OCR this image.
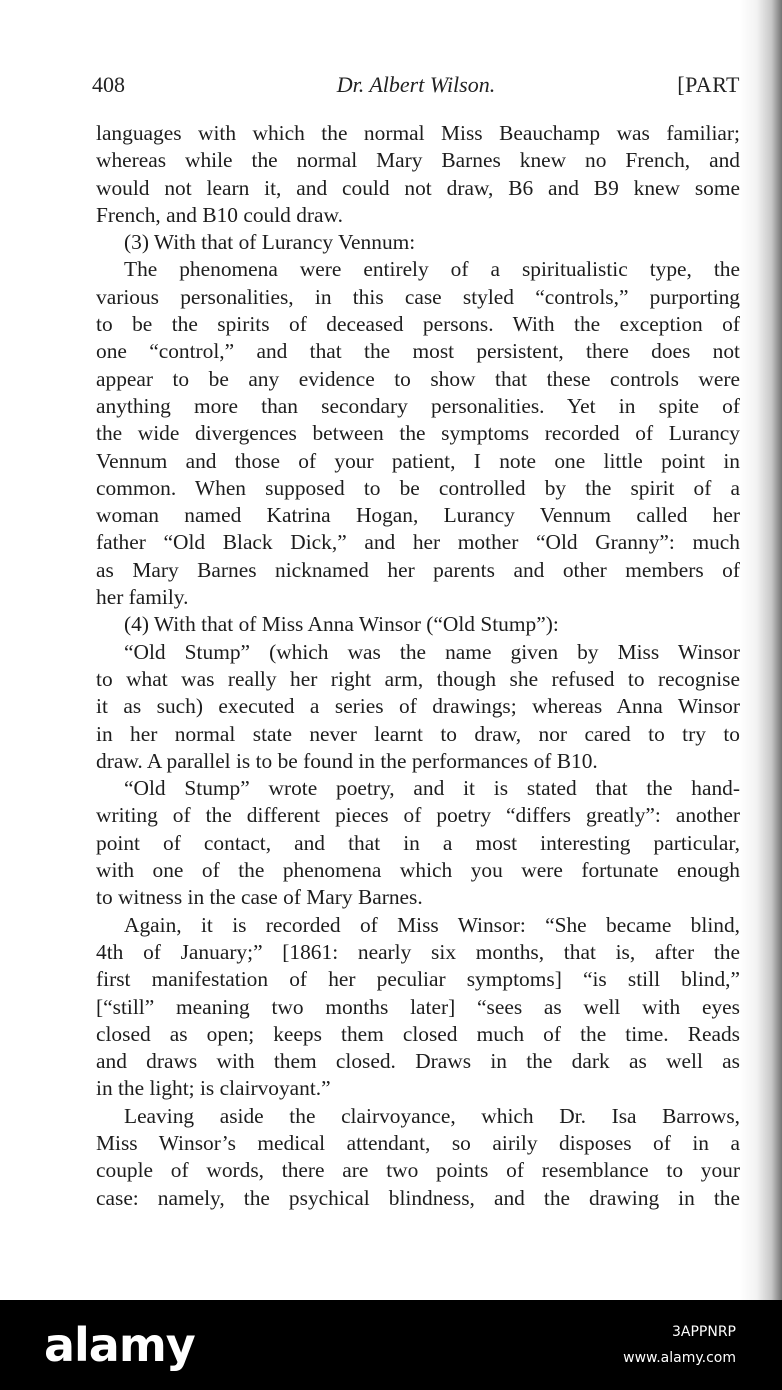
408	Dr. Albert Wilson.	[PART
languages with which the normal Miss Beauchamp was familiar;
whereas while the normal Mary Barnes knew no French, and
would not learn it, and could not draw, B6 and B9 knew some
French, and B10 could draw.
(3) With that of Lurancy Vennum:
The phenomena were entirely of a spiritualistic type, the
various personalities, in this case styled “controls,” purporting
to be the spirits of deceased persons. With the exception of
one “control,” and that the most persistent, there does not
appear to be any evidence to show that these controls were
anything more than secondary personalities. Yet in spite of
the wide divergences between the symptoms recorded of Lurancy
Vennum and those of your patient, I note one little point in
common. When supposed to be controlled by the spirit of a
woman named Katrina Hogan, Lurancy Vennum called her
father “Old Black Dick,” and her mother “Old Granny”: much
as Mary Barnes nicknamed her parents and other members of
her family.
(4) With that of Miss Anna Winsor (“Old Stump”):
“Old Stump” (which was the name given by Miss Winsor
to what was really her right arm, though she refused to recognise
it as such) executed a series of drawings; whereas Anna Winsor
in her normal state never learnt to draw, nor cared to try to
draw. A parallel is to be found in the performances of B10.
“Old Stump” wrote poetry, and it is stated that the hand-
writing of the different pieces of poetry “differs greatly”: another
point of contact, and that in a most interesting particular,
with one of the phenomena which you were fortunate enough
to witness in the case of Mary Barnes.
Again, it is recorded of Miss Winsor: “She became blind,
4th of January;” [1861: nearly six months, that is, after the
first manifestation of her peculiar symptoms] “is still blind,”
[“still” meaning two months later] “sees as well with eyes
closed as open; keeps them closed much of the time. Reads
and draws with them closed. Draws in the dark as well as
in the light; is clairvoyant.”
Leaving aside the clairvoyance, which Dr. Isa Barrows,
Miss Winsor’s medical attendant, so airily disposes of in a
couple of words, there are two points of resemblance to your
case: namely, the psychical blindness, and the drawing in the
alamy	3APPNRP
www.alamy.com
